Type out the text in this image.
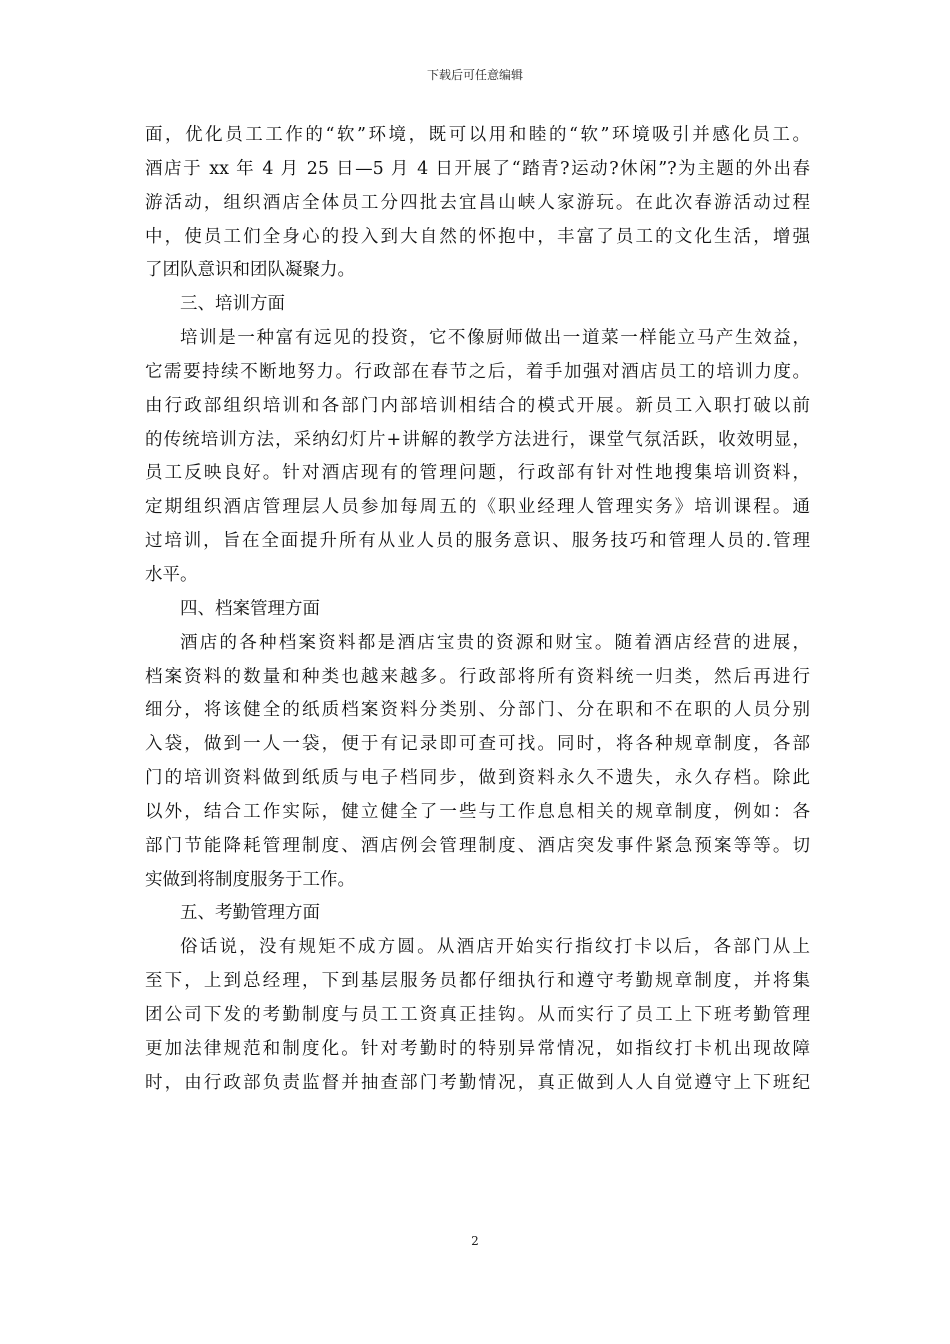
下载后可任意编辑
面，优化员工工作的“软”环境，既可以用和睦的“软”环境吸引并感化员工。
酒店于 xx 年 4 月 25 日—5 月 4 日开展了“踏青?运动?休闲”?为主题的外出春
游活动，组织酒店全体员工分四批去宜昌山峡人家游玩。在此次春游活动过程
中，使员工们全身心的投入到大自然的怀抱中，丰富了员工的文化生活，增强
了团队意识和团队凝聚力。
三、培训方面
培训是一种富有远见的投资，它不像厨师做出一道菜一样能立马产生效益，
它需要持续不断地努力。行政部在春节之后，着手加强对酒店员工的培训力度。
由行政部组织培训和各部门内部培训相结合的模式开展。新员工入职打破以前
的传统培训方法，采纳幻灯片+讲解的教学方法进行，课堂气氛活跃，收效明显，
员工反映良好。针对酒店现有的管理问题，行政部有针对性地搜集培训资料，
定期组织酒店管理层人员参加每周五的《职业经理人管理实务》培训课程。通
过培训，旨在全面提升所有从业人员的服务意识、服务技巧和管理人员的.管理
水平。
四、档案管理方面
酒店的各种档案资料都是酒店宝贵的资源和财宝。随着酒店经营的进展，
档案资料的数量和种类也越来越多。行政部将所有资料统一归类，然后再进行
细分，将该健全的纸质档案资料分类别、分部门、分在职和不在职的人员分别
入袋，做到一人一袋，便于有记录即可查可找。同时，将各种规章制度，各部
门的培训资料做到纸质与电子档同步，做到资料永久不遗失，永久存档。除此
以外，结合工作实际，健立健全了一些与工作息息相关的规章制度，例如：各
部门节能降耗管理制度、酒店例会管理制度、酒店突发事件紧急预案等等。切
实做到将制度服务于工作。
五、考勤管理方面
俗话说，没有规矩不成方圆。从酒店开始实行指纹打卡以后，各部门从上
至下，上到总经理，下到基层服务员都仔细执行和遵守考勤规章制度，并将集
团公司下发的考勤制度与员工工资真正挂钩。从而实行了员工上下班考勤管理
更加法律规范和制度化。针对考勤时的特别异常情况，如指纹打卡机出现故障
时，由行政部负责监督并抽查部门考勤情况，真正做到人人自觉遵守上下班纪
2
